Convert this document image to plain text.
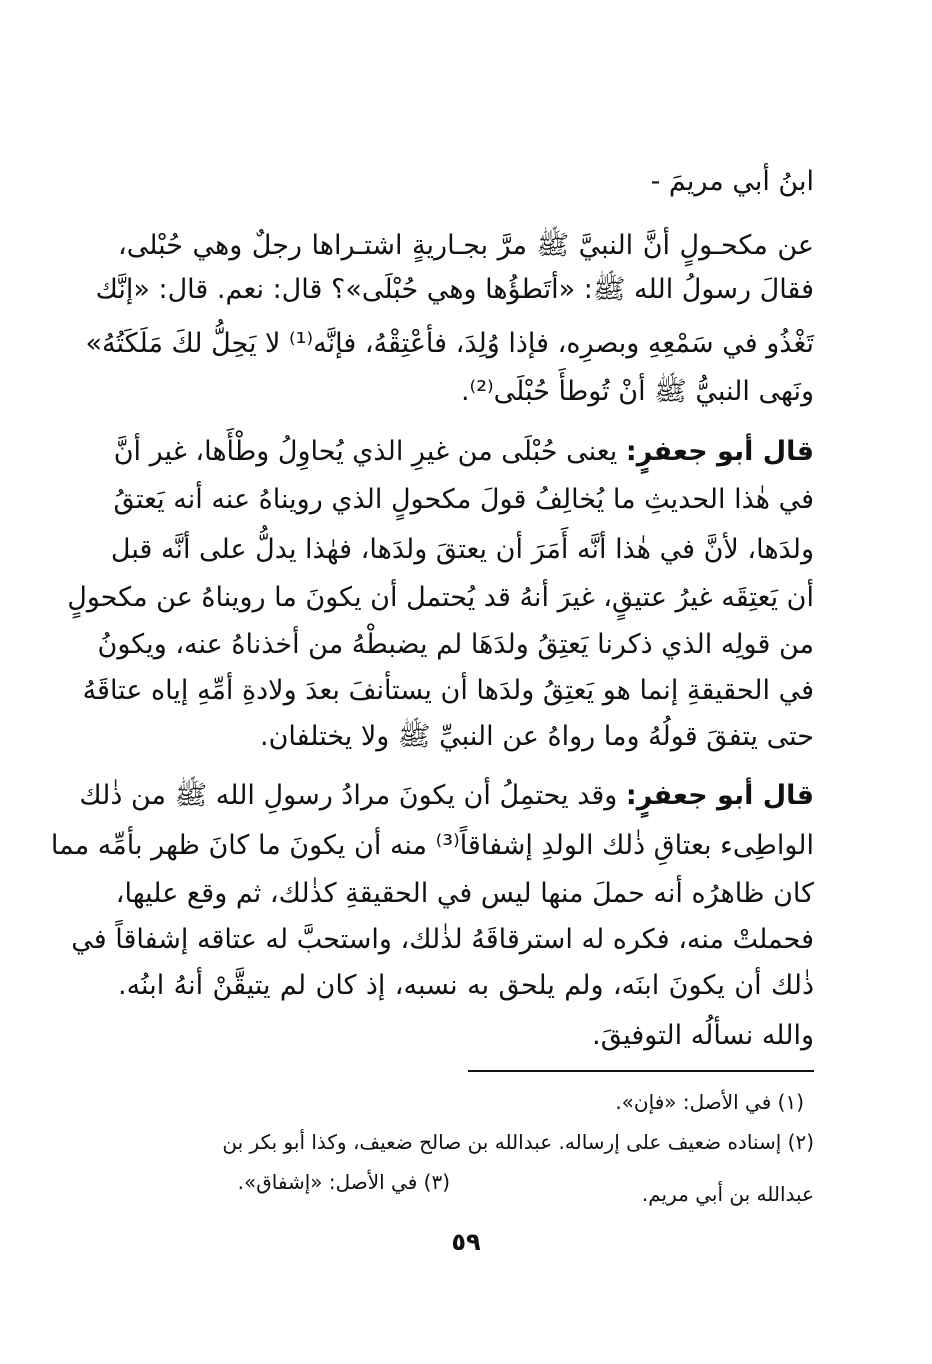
ابنُ أبي مريمَ -
عن مكحـولٍ أنَّ النبيَّ ﷺ مرَّ بجـاريةٍ اشتـراها رجلٌ وهي حُبْلى،
فقالَ رسولُ الله ﷺ: «أتَطؤُها وهي حُبْلَى»؟ قال: نعم. قال: «إنَّك
تَغْذُو في سَمْعِهِ وبصرِه، فإذا وُلِدَ، فأعْتِقْهُ، فإنَّه⁽¹⁾ لا يَحِلُّ لكَ مَلَكَتُهُ»
ونَهى النبيُّ ﷺ أنْ تُوطأَ حُبْلَى⁽²⁾.
قال أبو جعفرٍ: يعنى حُبْلَى من غيرِ الذي يُحاوِلُ وطْأَها، غير أنَّ
في هٰذا الحديثِ ما يُخالِفُ قولَ مكحولٍ الذي رويناهُ عنه أنه يَعتقُ
ولدَها، لأنَّ في هٰذا أنَّه أَمَرَ أن يعتقَ ولدَها، فهٰذا يدلُّ على أنَّه قبل
أن يَعتِقَه غيرُ عتيقٍ، غيرَ أنهُ قد يُحتمل أن يكونَ ما رويناهُ عن مكحولٍ
من قولِه الذي ذكرنا يَعتِقُ ولدَهَا لم يضبطْهُ من أخذناهُ عنه، ويكونُ
في الحقيقةِ إنما هو يَعتِقُ ولدَها أن يستأنفَ بعدَ ولادةِ أمِّهِ إياه عتاقَهُ
حتى يتفقَ قولُهُ وما رواهُ عن النبيِّ ﷺ ولا يختلفان.
قال أبو جعفرٍ: وقد يحتمِلُ أن يكونَ مرادُ رسولِ الله ﷺ من ذٰلك
الواطِىء بعتاقِ ذٰلك الولدِ إشفاقاً⁽³⁾ منه أن يكونَ ما كانَ ظهر بأمِّه مما
كان ظاهرُه أنه حملَ منها ليس في الحقيقةِ كذٰلك، ثم وقع عليها،
فحملتْ منه، فكره له استرقاقَهُ لذٰلك، واستحبَّ له عتاقه إشفاقاً في
ذٰلك أن يكونَ ابنَه، ولم يلحق به نسبه، إذ كان لم يتيقَّنْ أنهُ ابنُه.
والله نسألُه التوفيقَ.
(١) في الأصل: «فإن».
(٢) إسناده ضعيف على إرساله. عبدالله بن صالح ضعيف، وكذا أبو بكر بن
عبدالله بن أبي مريم.
(٣) في الأصل: «إشفاق».
٥٩
